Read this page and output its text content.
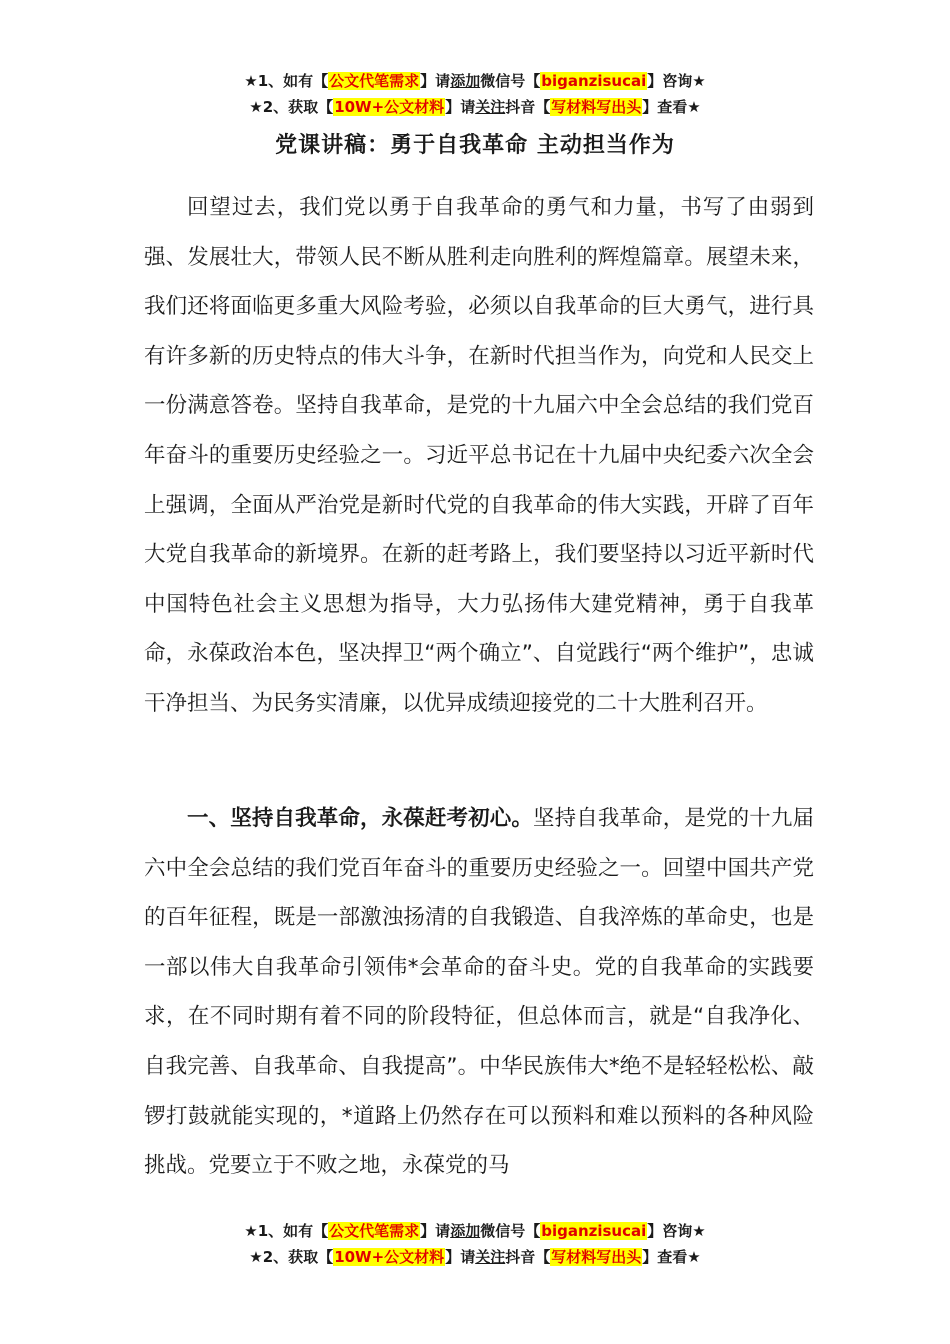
★1、如有【公文代笔需求】请添加微信号【biganzisucai】咨询★
★2、获取【10W+公文材料】请关注抖音【写材料写出头】查看★
党课讲稿：勇于自我革命 主动担当作为

回望过去，我们党以勇于自我革命的勇气和力量，书写了由弱到强、发展壮大，带领人民不断从胜利走向胜利的辉煌篇章。展望未来，我们还将面临更多重大风险考验，必须以自我革命的巨大勇气，进行具有许多新的历史特点的伟大斗争，在新时代担当作为，向党和人民交上一份满意答卷。坚持自我革命，是党的十九届六中全会总结的我们党百年奋斗的重要历史经验之一。习近平总书记在十九届中央纪委六次全会上强调，全面从严治党是新时代党的自我革命的伟大实践，开辟了百年大党自我革命的新境界。在新的赶考路上，我们要坚持以习近平新时代中国特色社会主义思想为指导，大力弘扬伟大建党精神，勇于自我革命，永葆政治本色，坚决捍卫“两个确立”、自觉践行“两个维护”，忠诚干净担当、为民务实清廉，以优异成绩迎接党的二十大胜利召开。

一、坚持自我革命，永葆赶考初心。坚持自我革命，是党的十九届六中全会总结的我们党百年奋斗的重要历史经验之一。回望中国共产党的百年征程，既是一部激浊扬清的自我锻造、自我淬炼的革命史，也是一部以伟大自我革命引领伟*会革命的奋斗史。党的自我革命的实践要求，在不同时期有着不同的阶段特征，但总体而言，就是“自我净化、自我完善、自我革命、自我提高”。中华民族伟大*绝不是轻轻松松、敲锣打鼓就能实现的，*道路上仍然存在可以预料和难以预料的各种风险挑战。党要立于不败之地，永葆党的马

★1、如有【公文代笔需求】请添加微信号【biganzisucai】咨询★
★2、获取【10W+公文材料】请关注抖音【写材料写出头】查看★
